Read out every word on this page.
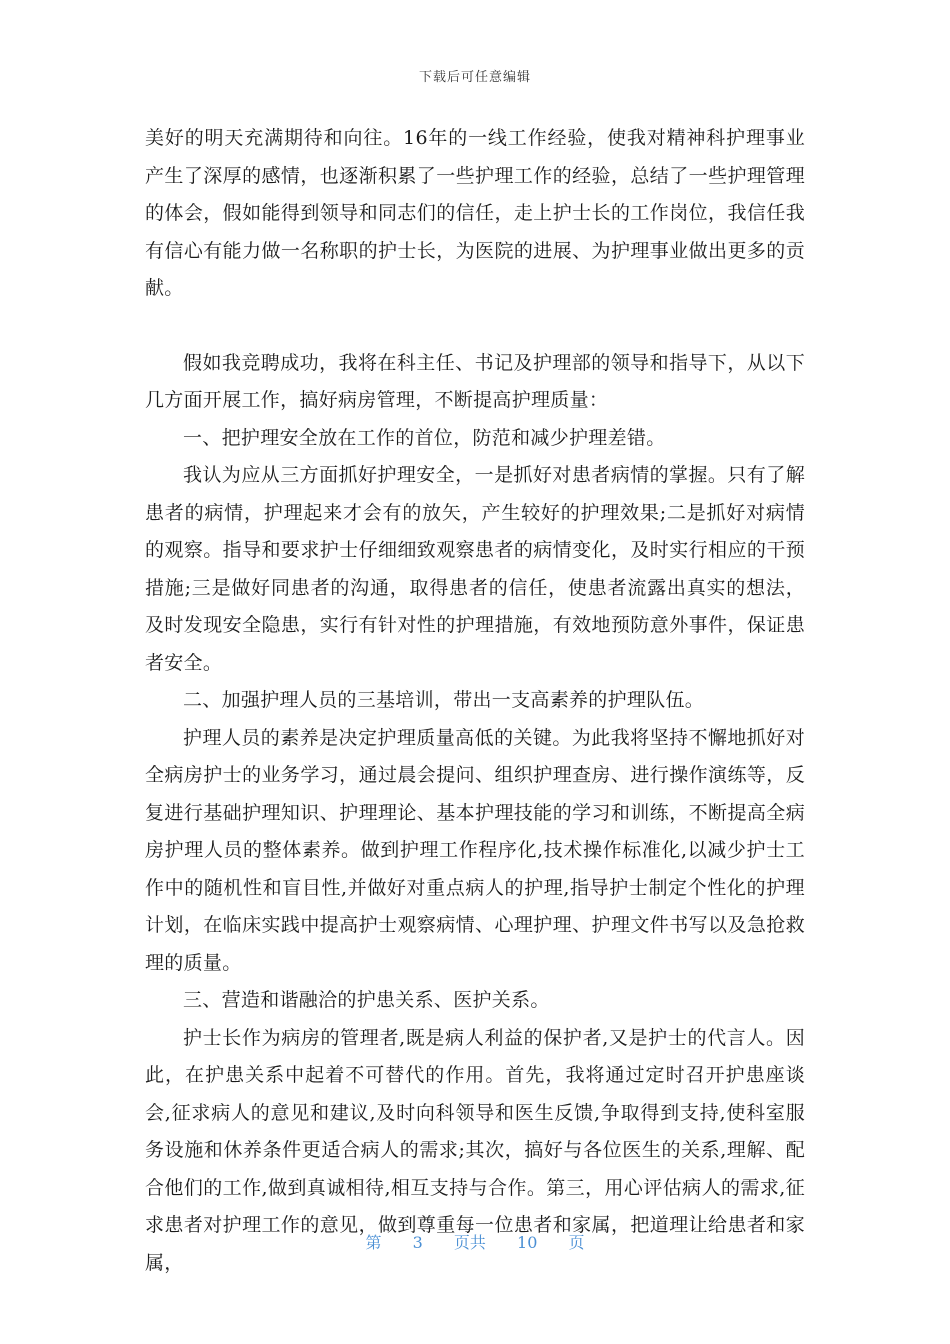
下载后可任意编辑

美好的明天充满期待和向往。16年的一线工作经验，使我对精神科护理事业产生了深厚的感情，也逐渐积累了一些护理工作的经验，总结了一些护理管理的体会，假如能得到领导和同志们的信任，走上护士长的工作岗位，我信任我有信心有能力做一名称职的护士长，为医院的进展、为护理事业做出更多的贡献。

假如我竞聘成功，我将在科主任、书记及护理部的领导和指导下，从以下几方面开展工作，搞好病房管理，不断提高护理质量：

一、把护理安全放在工作的首位，防范和减少护理差错。

我认为应从三方面抓好护理安全，一是抓好对患者病情的掌握。只有了解患者的病情，护理起来才会有的放矢，产生较好的护理效果;二是抓好对病情的观察。指导和要求护士仔细细致观察患者的病情变化，及时实行相应的干预措施;三是做好同患者的沟通，取得患者的信任，使患者流露出真实的想法，及时发现安全隐患，实行有针对性的护理措施，有效地预防意外事件，保证患者安全。

二、加强护理人员的三基培训，带出一支高素养的护理队伍。

护理人员的素养是决定护理质量高低的关键。为此我将坚持不懈地抓好对全病房护士的业务学习，通过晨会提问、组织护理查房、进行操作演练等，反复进行基础护理知识、护理理论、基本护理技能的学习和训练，不断提高全病房护理人员的整体素养。做到护理工作程序化,技术操作标准化,以减少护士工作中的随机性和盲目性,并做好对重点病人的护理,指导护士制定个性化的护理计划，在临床实践中提高护士观察病情、心理护理、护理文件书写以及急抢救理的质量。

三、营造和谐融洽的护患关系、医护关系。

护士长作为病房的管理者,既是病人利益的保护者,又是护士的代言人。因此，在护患关系中起着不可替代的作用。首先，我将通过定时召开护患座谈会,征求病人的意见和建议,及时向科领导和医生反馈,争取得到支持,使科室服务设施和休养条件更适合病人的需求;其次，搞好与各位医生的关系,理解、配合他们的工作,做到真诚相待,相互支持与合作。第三，用心评估病人的需求,征求患者对护理工作的意见，做到尊重每一位患者和家属，把道理让给患者和家属，

第 3 页共 10 页
